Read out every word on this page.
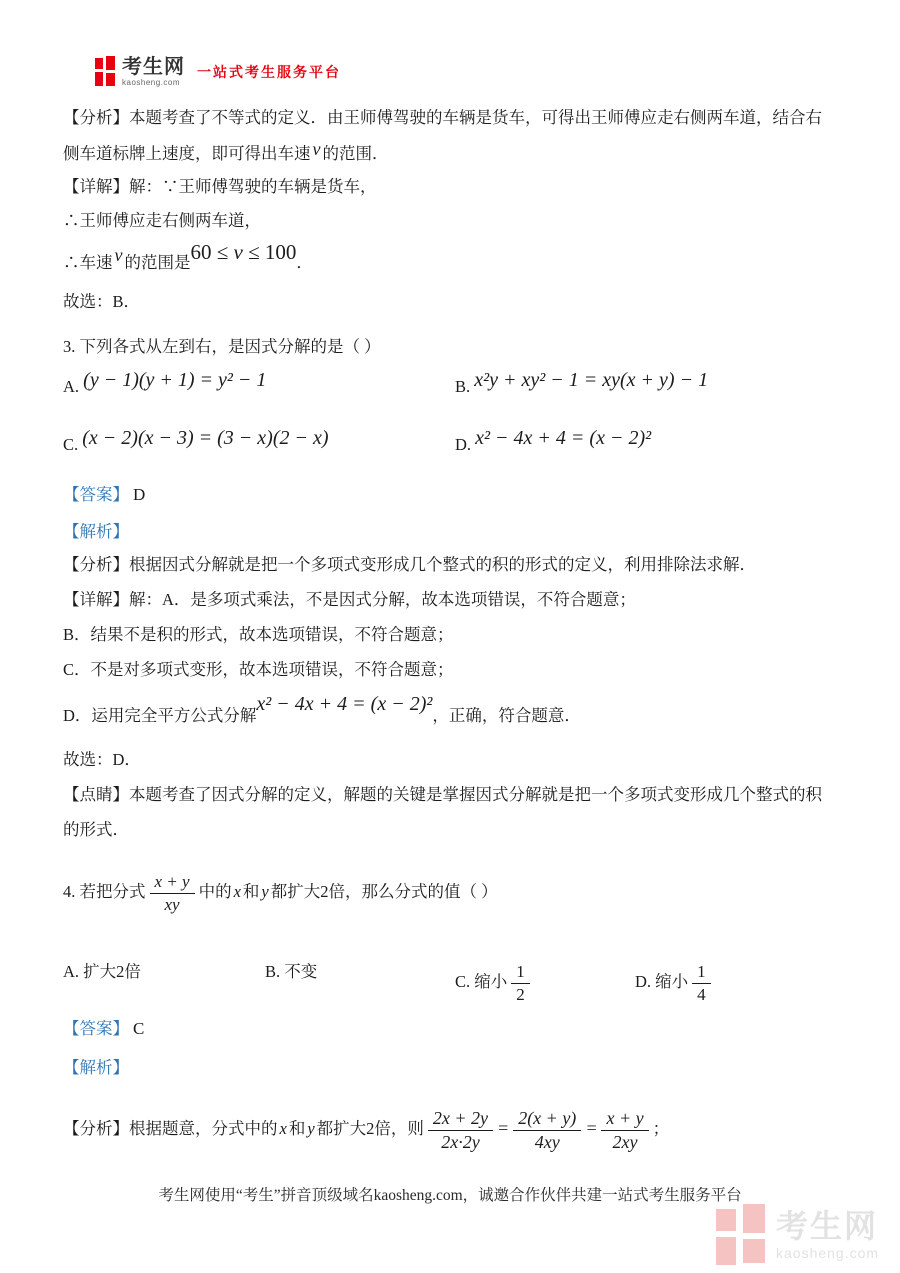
考生网
kaosheng.com
一站式考生服务平台
【分析】本题考查了不等式的定义．由王师傅驾驶的车辆是货车，可得出王师傅应走右侧两车道，结合右
侧车道标牌上速度，即可得出车速 v 的范围．
【详解】解：∵王师傅驾驶的车辆是货车，
∴王师傅应走右侧两车道，
∴车速 v 的范围是60 ≤ v ≤ 100．
故选：B．
3. 下列各式从左到右，是因式分解的是（ ）
A. (y − 1)(y + 1) = y² − 1	B. x²y + xy² − 1 = xy(x + y) − 1
C. (x − 2)(x − 3) = (3 − x)(2 − x)	D. x² − 4x + 4 = (x − 2)²
【答案】 D
【解析】
【分析】根据因式分解就是把一个多项式变形成几个整式的积的形式的定义，利用排除法求解．
【详解】解：A．是多项式乘法，不是因式分解，故本选项错误，不符合题意；
B．结果不是积的形式，故本选项错误，不符合题意；
C．不是对多项式变形，故本选项错误，不符合题意；
D．运用完全平方公式分解x² − 4x + 4 = (x − 2)²，正确，符合题意．
故选：D．
【点睛】本题考查了因式分解的定义，解题的关键是掌握因式分解就是把一个多项式变形成几个整式的积
的形式．
4. 若把分式 $\frac{x + y}{xy}$ 中的 x 和 y 都扩大2倍，那么分式的值（ ）
A. 扩大2倍	B. 不变
C. 缩小 $\frac{1}{2}$	D. 缩小 $\frac{1}{4}$
【答案】 C
【解析】
【分析】根据题意，分式中的 x 和 y 都扩大2倍，则 $\frac{2x + 2y}{2x\cdot 2y} = \frac{2(x + y)}{4xy} = \frac{x + y}{2xy}$ ；
考生网使用“考生”拼音顶级域名kaosheng.com，诚邀合作伙伴共建一站式考生服务平台
考生网
kaosheng.com
